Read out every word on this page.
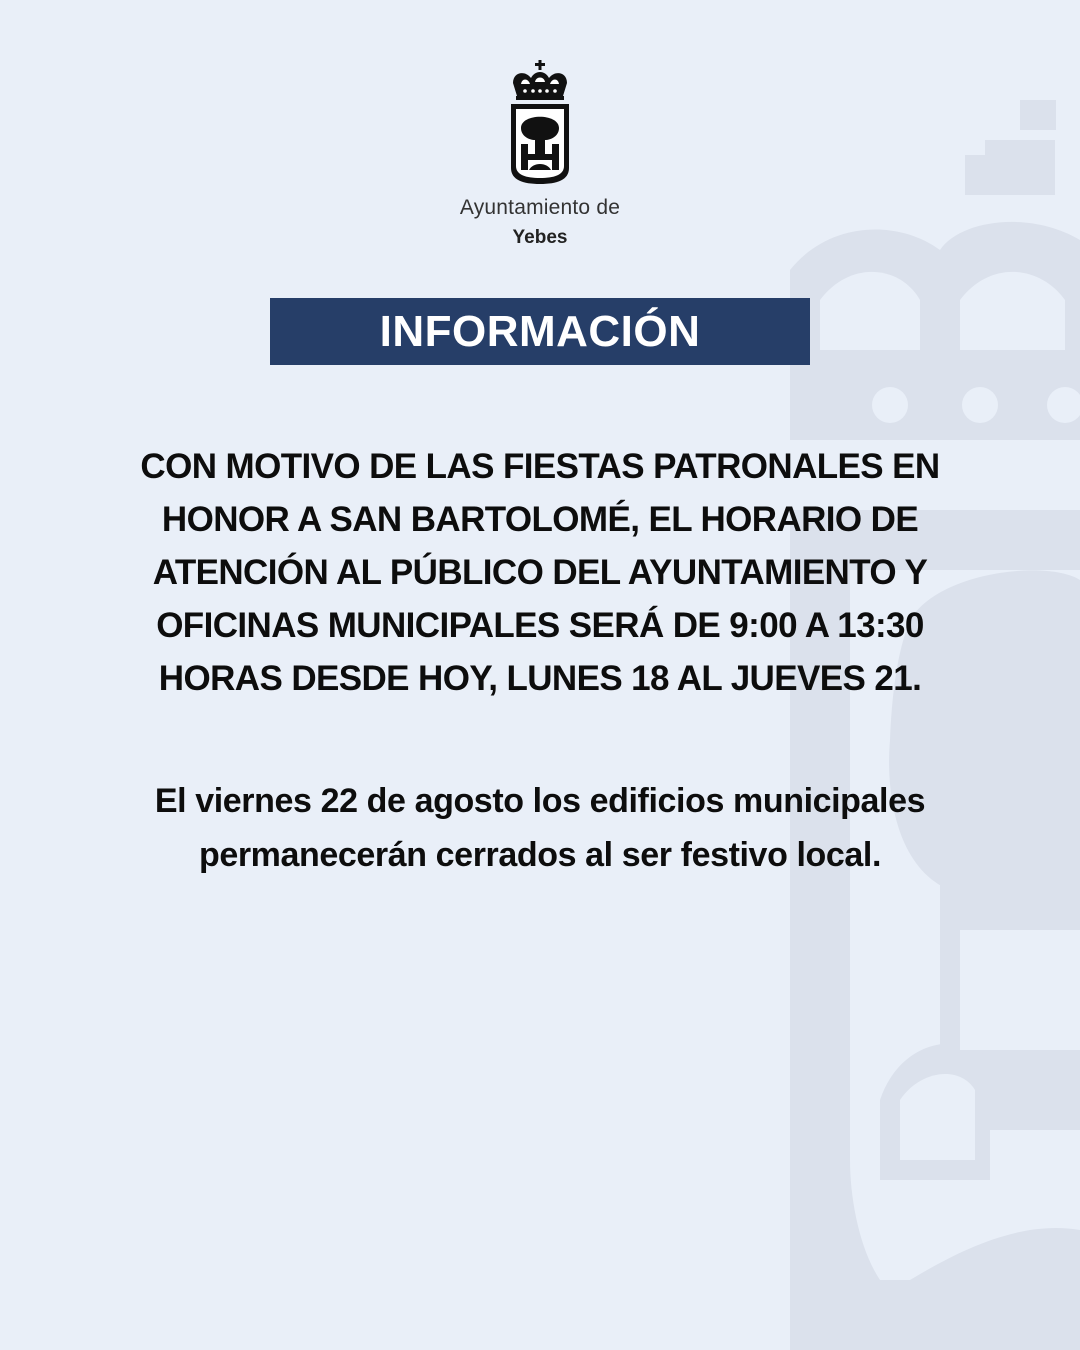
Ayuntamiento de
Yebes
INFORMACIÓN
CON MOTIVO DE LAS FIESTAS PATRONALES EN
HONOR A SAN BARTOLOMÉ, EL HORARIO DE
ATENCIÓN AL PÚBLICO DEL AYUNTAMIENTO Y
OFICINAS MUNICIPALES SERÁ DE 9:00 A 13:30
HORAS DESDE HOY, LUNES 18 AL JUEVES 21.
El viernes 22 de agosto los edificios municipales
permanecerán cerrados al ser festivo local.
